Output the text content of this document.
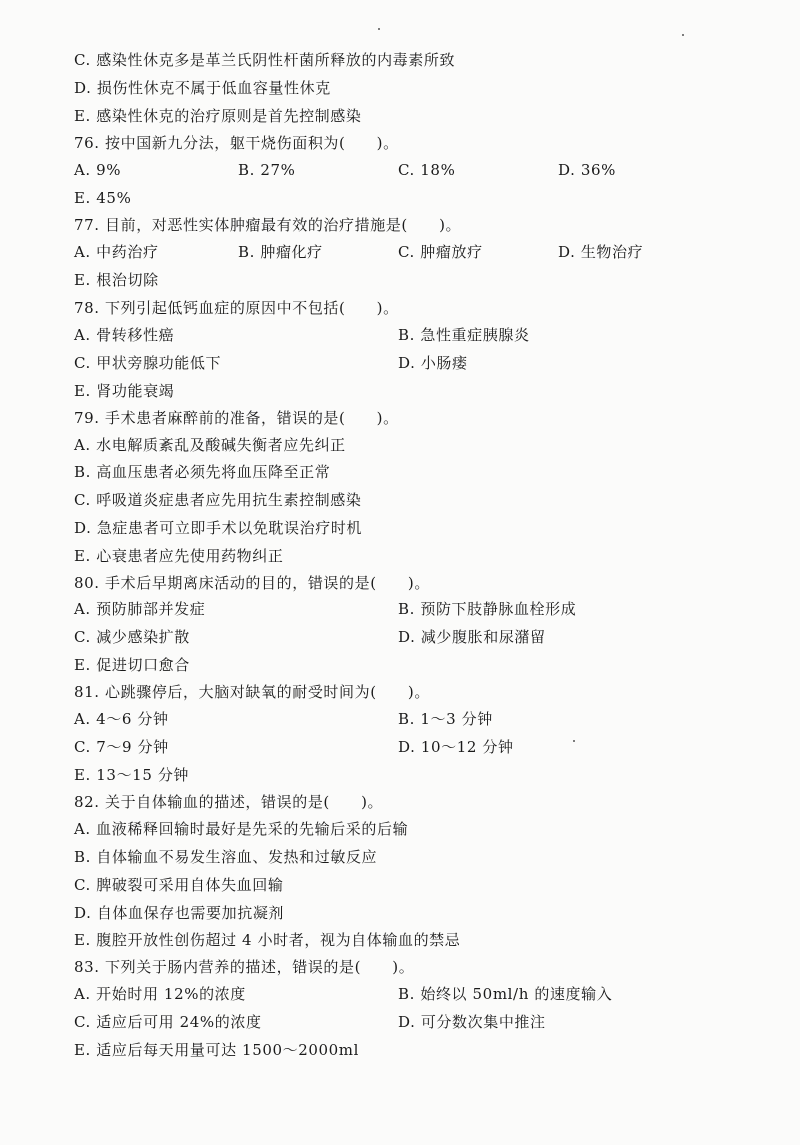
C. 感染性休克多是革兰氏阴性杆菌所释放的内毒素所致
D. 损伤性休克不属于低血容量性休克
E. 感染性休克的治疗原则是首先控制感染
76. 按中国新九分法，躯干烧伤面积为(　　)。
A. 9%	B. 27%	C. 18%	D. 36%
E. 45%
77. 目前，对恶性实体肿瘤最有效的治疗措施是(　　)。
A. 中药治疗	B. 肿瘤化疗	C. 肿瘤放疗	D. 生物治疗
E. 根治切除
78. 下列引起低钙血症的原因中不包括(　　)。
A. 骨转移性癌	B. 急性重症胰腺炎
C. 甲状旁腺功能低下	D. 小肠瘘
E. 肾功能衰竭
79. 手术患者麻醉前的准备，错误的是(　　)。
A. 水电解质紊乱及酸碱失衡者应先纠正
B. 高血压患者必须先将血压降至正常
C. 呼吸道炎症患者应先用抗生素控制感染
D. 急症患者可立即手术以免耽误治疗时机
E. 心衰患者应先使用药物纠正
80. 手术后早期离床活动的目的，错误的是(　　)。
A. 预防肺部并发症	B. 预防下肢静脉血栓形成
C. 减少感染扩散	D. 减少腹胀和尿潴留
E. 促进切口愈合
81. 心跳骤停后，大脑对缺氧的耐受时间为(　　)。
A. 4～6 分钟	B. 1～3 分钟
C. 7～9 分钟	D. 10～12 分钟
E. 13～15 分钟
82. 关于自体输血的描述，错误的是(　　)。
A. 血液稀释回输时最好是先采的先输后采的后输
B. 自体输血不易发生溶血、发热和过敏反应
C. 脾破裂可采用自体失血回输
D. 自体血保存也需要加抗凝剂
E. 腹腔开放性创伤超过 4 小时者，视为自体输血的禁忌
83. 下列关于肠内营养的描述，错误的是(　　)。
A. 开始时用 12%的浓度	B. 始终以 50ml/h 的速度输入
C. 适应后可用 24%的浓度	D. 可分数次集中推注
E. 适应后每天用量可达 1500～2000ml
